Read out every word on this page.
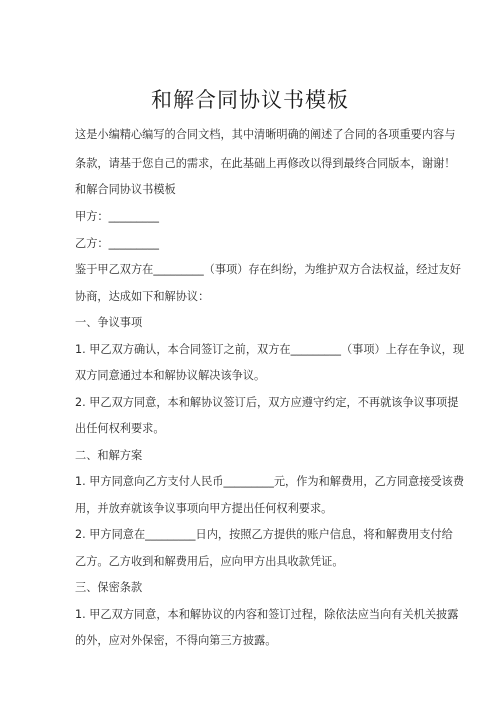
和解合同协议书模板
这是小编精心编写的合同文档，其中清晰明确的阐述了合同的各项重要内容与
条款，请基于您自己的需求，在此基础上再修改以得到最终合同版本，谢谢！
和解合同协议书模板
甲方：_________
乙方：_________
鉴于甲乙双方在_________（事项）存在纠纷，为维护双方合法权益，经过友好
协商，达成如下和解协议：
一、争议事项
1. 甲乙双方确认，本合同签订之前，双方在_________（事项）上存在争议，现
双方同意通过本和解协议解决该争议。
2. 甲乙双方同意，本和解协议签订后，双方应遵守约定，不再就该争议事项提
出任何权利要求。
二、和解方案
1. 甲方同意向乙方支付人民币_________元，作为和解费用，乙方同意接受该费
用，并放弃就该争议事项向甲方提出任何权利要求。
2. 甲方同意在_________日内，按照乙方提供的账户信息，将和解费用支付给
乙方。乙方收到和解费用后，应向甲方出具收款凭证。
三、保密条款
1. 甲乙双方同意，本和解协议的内容和签订过程，除依法应当向有关机关披露
的外，应对外保密，不得向第三方披露。
